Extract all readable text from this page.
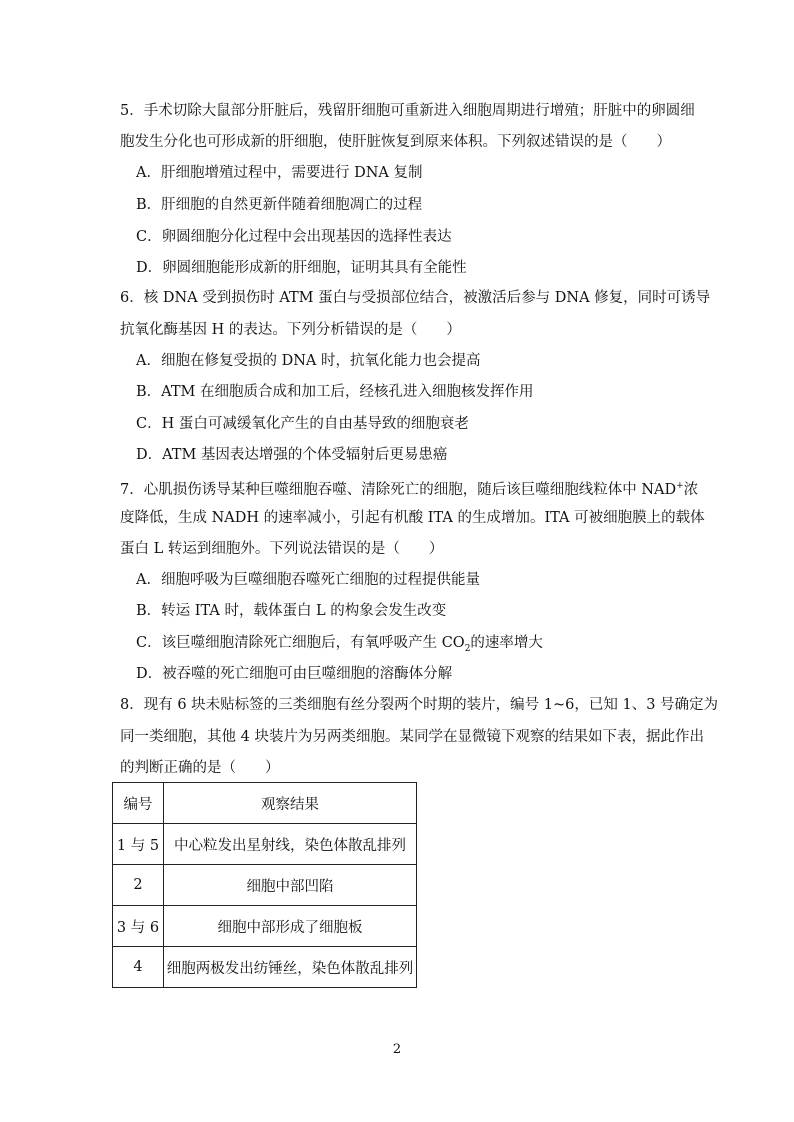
5．手术切除大鼠部分肝脏后，残留肝细胞可重新进入细胞周期进行增殖；肝脏中的卵圆细
胞发生分化也可形成新的肝细胞，使肝脏恢复到原来体积。下列叙述错误的是（　　）
A．肝细胞增殖过程中，需要进行 DNA 复制
B．肝细胞的自然更新伴随着细胞凋亡的过程
C．卵圆细胞分化过程中会出现基因的选择性表达
D．卵圆细胞能形成新的肝细胞，证明其具有全能性
6．核 DNA 受到损伤时 ATM 蛋白与受损部位结合，被激活后参与 DNA 修复，同时可诱导
抗氧化酶基因 H 的表达。下列分析错误的是（　　）
A．细胞在修复受损的 DNA 时，抗氧化能力也会提高
B．ATM 在细胞质合成和加工后，经核孔进入细胞核发挥作用
C．H 蛋白可减缓氧化产生的自由基导致的细胞衰老
D．ATM 基因表达增强的个体受辐射后更易患癌
7．心肌损伤诱导某种巨噬细胞吞噬、清除死亡的细胞，随后该巨噬细胞线粒体中 NAD+浓
度降低，生成 NADH 的速率减小，引起有机酸 ITA 的生成增加。ITA 可被细胞膜上的载体
蛋白 L 转运到细胞外。下列说法错误的是（　　）
A．细胞呼吸为巨噬细胞吞噬死亡细胞的过程提供能量
B．转运 ITA 时，载体蛋白 L 的构象会发生改变
C．该巨噬细胞清除死亡细胞后，有氧呼吸产生 $CO_2$的速率增大
D．被吞噬的死亡细胞可由巨噬细胞的溶酶体分解
8．现有 6 块未贴标签的三类细胞有丝分裂两个时期的装片，编号 1~6，已知 1、3 号确定为
同一类细胞，其他 4 块装片为另两类细胞。某同学在显微镜下观察的结果如下表，据此作出
的判断正确的是（　　）
编号	观察结果
1 与 5	中心粒发出星射线，染色体散乱排列
2	细胞中部凹陷
3 与 6	细胞中部形成了细胞板
4	细胞两极发出纺锤丝，染色体散乱排列
2
